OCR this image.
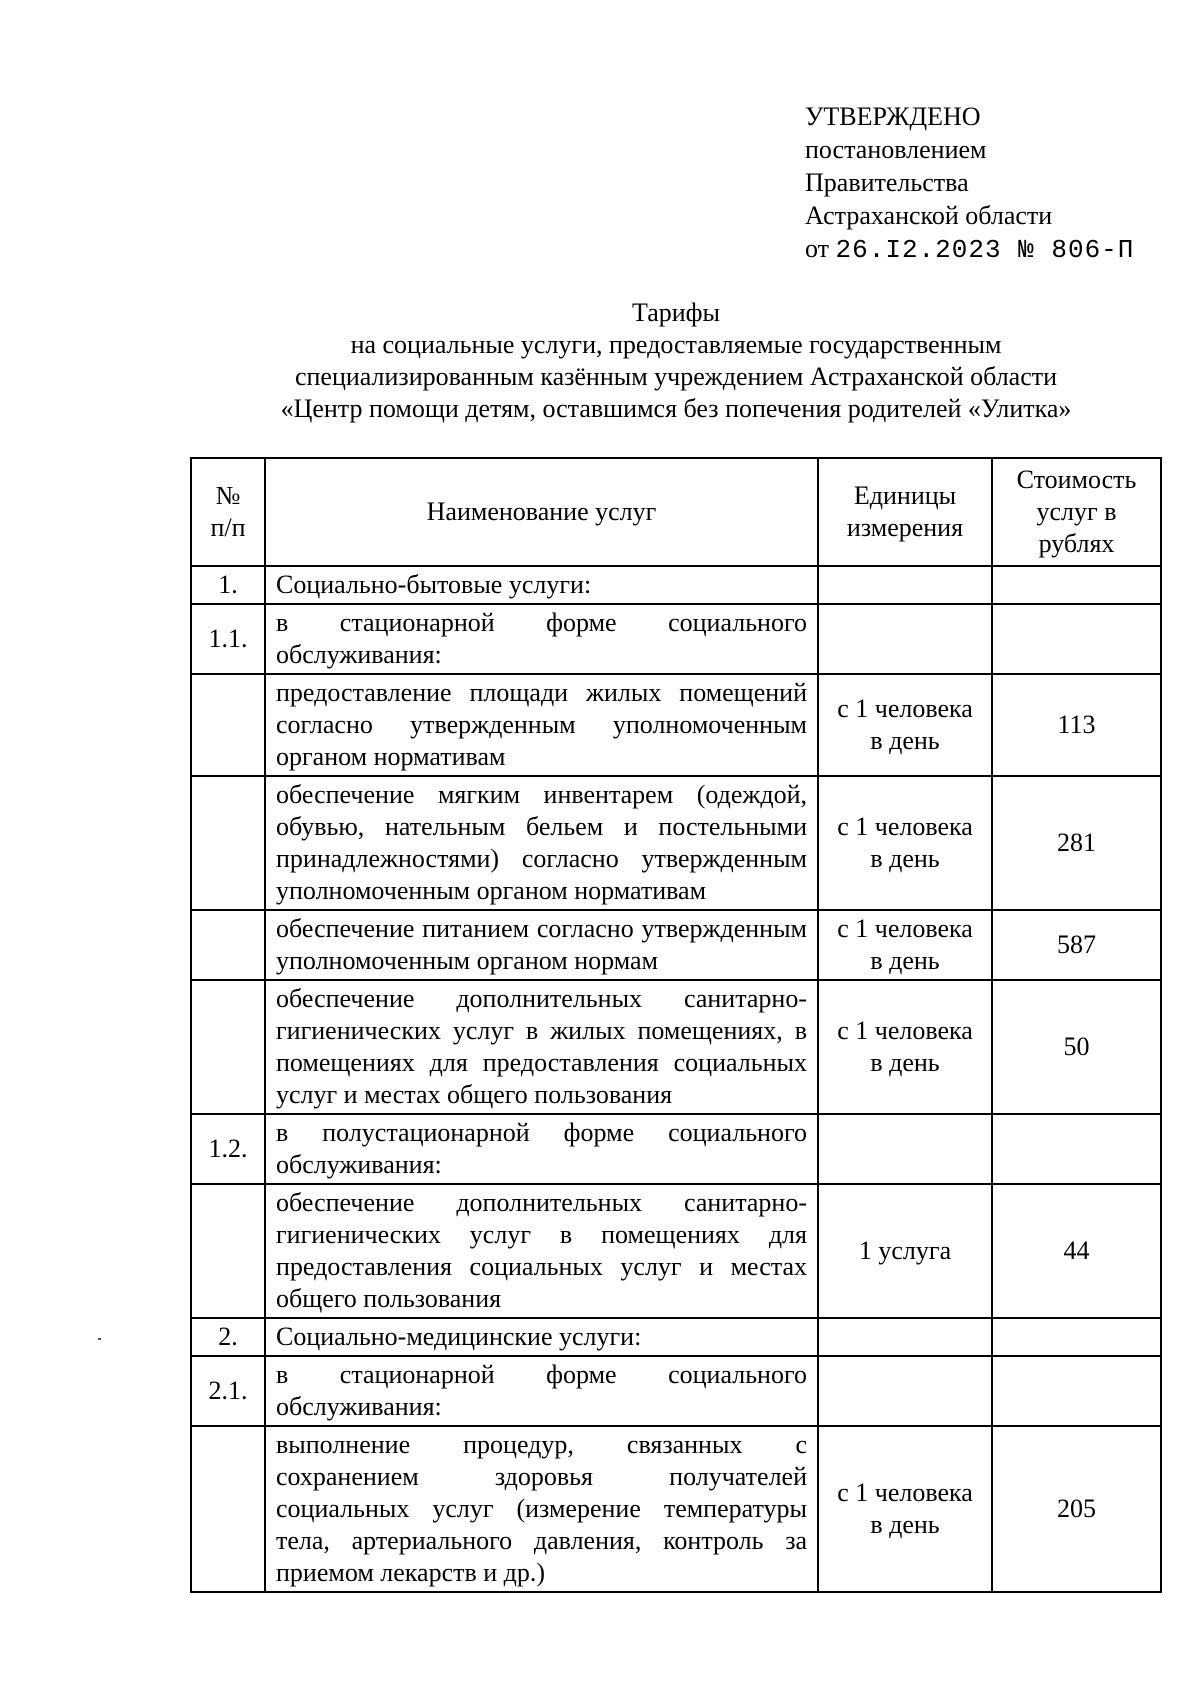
УТВЕРЖДЕНО
постановлением
Правительства
Астраханской области
от 26.I2.2023 № 806-П
Тарифы
на социальные услуги, предоставляемые государственным
специализированным казённым учреждением Астраханской области
«Центр помощи детям, оставшимся без попечения родителей «Улитка»
№ п/п	Наименование услуг	Единицы измерения	Стоимость услуг в рублях
1.	Социально-бытовые услуги:		
1.1.	в стационарной форме социального обслуживания:		
	предоставление площади жилых помещений согласно утвержденным уполномоченным органом нормативам	с 1 человека в день	113
	обеспечение мягким инвентарем (одеждой, обувью, нательным бельем и постельными принадлежностями) согласно утвержденным уполномоченным органом нормативам	с 1 человека в день	281
	обеспечение питанием согласно утвержденным уполномоченным органом нормам	с 1 человека в день	587
	обеспечение дополнительных санитарно-гигиенических услуг в жилых помещениях, в помещениях для предоставления социальных услуг и местах общего пользования	с 1 человека в день	50
1.2.	в полустационарной форме социального обслуживания:		
	обеспечение дополнительных санитарно-гигиенических услуг в помещениях для предоставления социальных услуг и местах общего пользования	1 услуга	44
2.	Социально-медицинские услуги:		
2.1.	в стационарной форме социального обслуживания:		
	выполнение процедур, связанных с сохранением здоровья получателей социальных услуг (измерение температуры тела, артериального давления, контроль за приемом лекарств и др.)	с 1 человека в день	205
